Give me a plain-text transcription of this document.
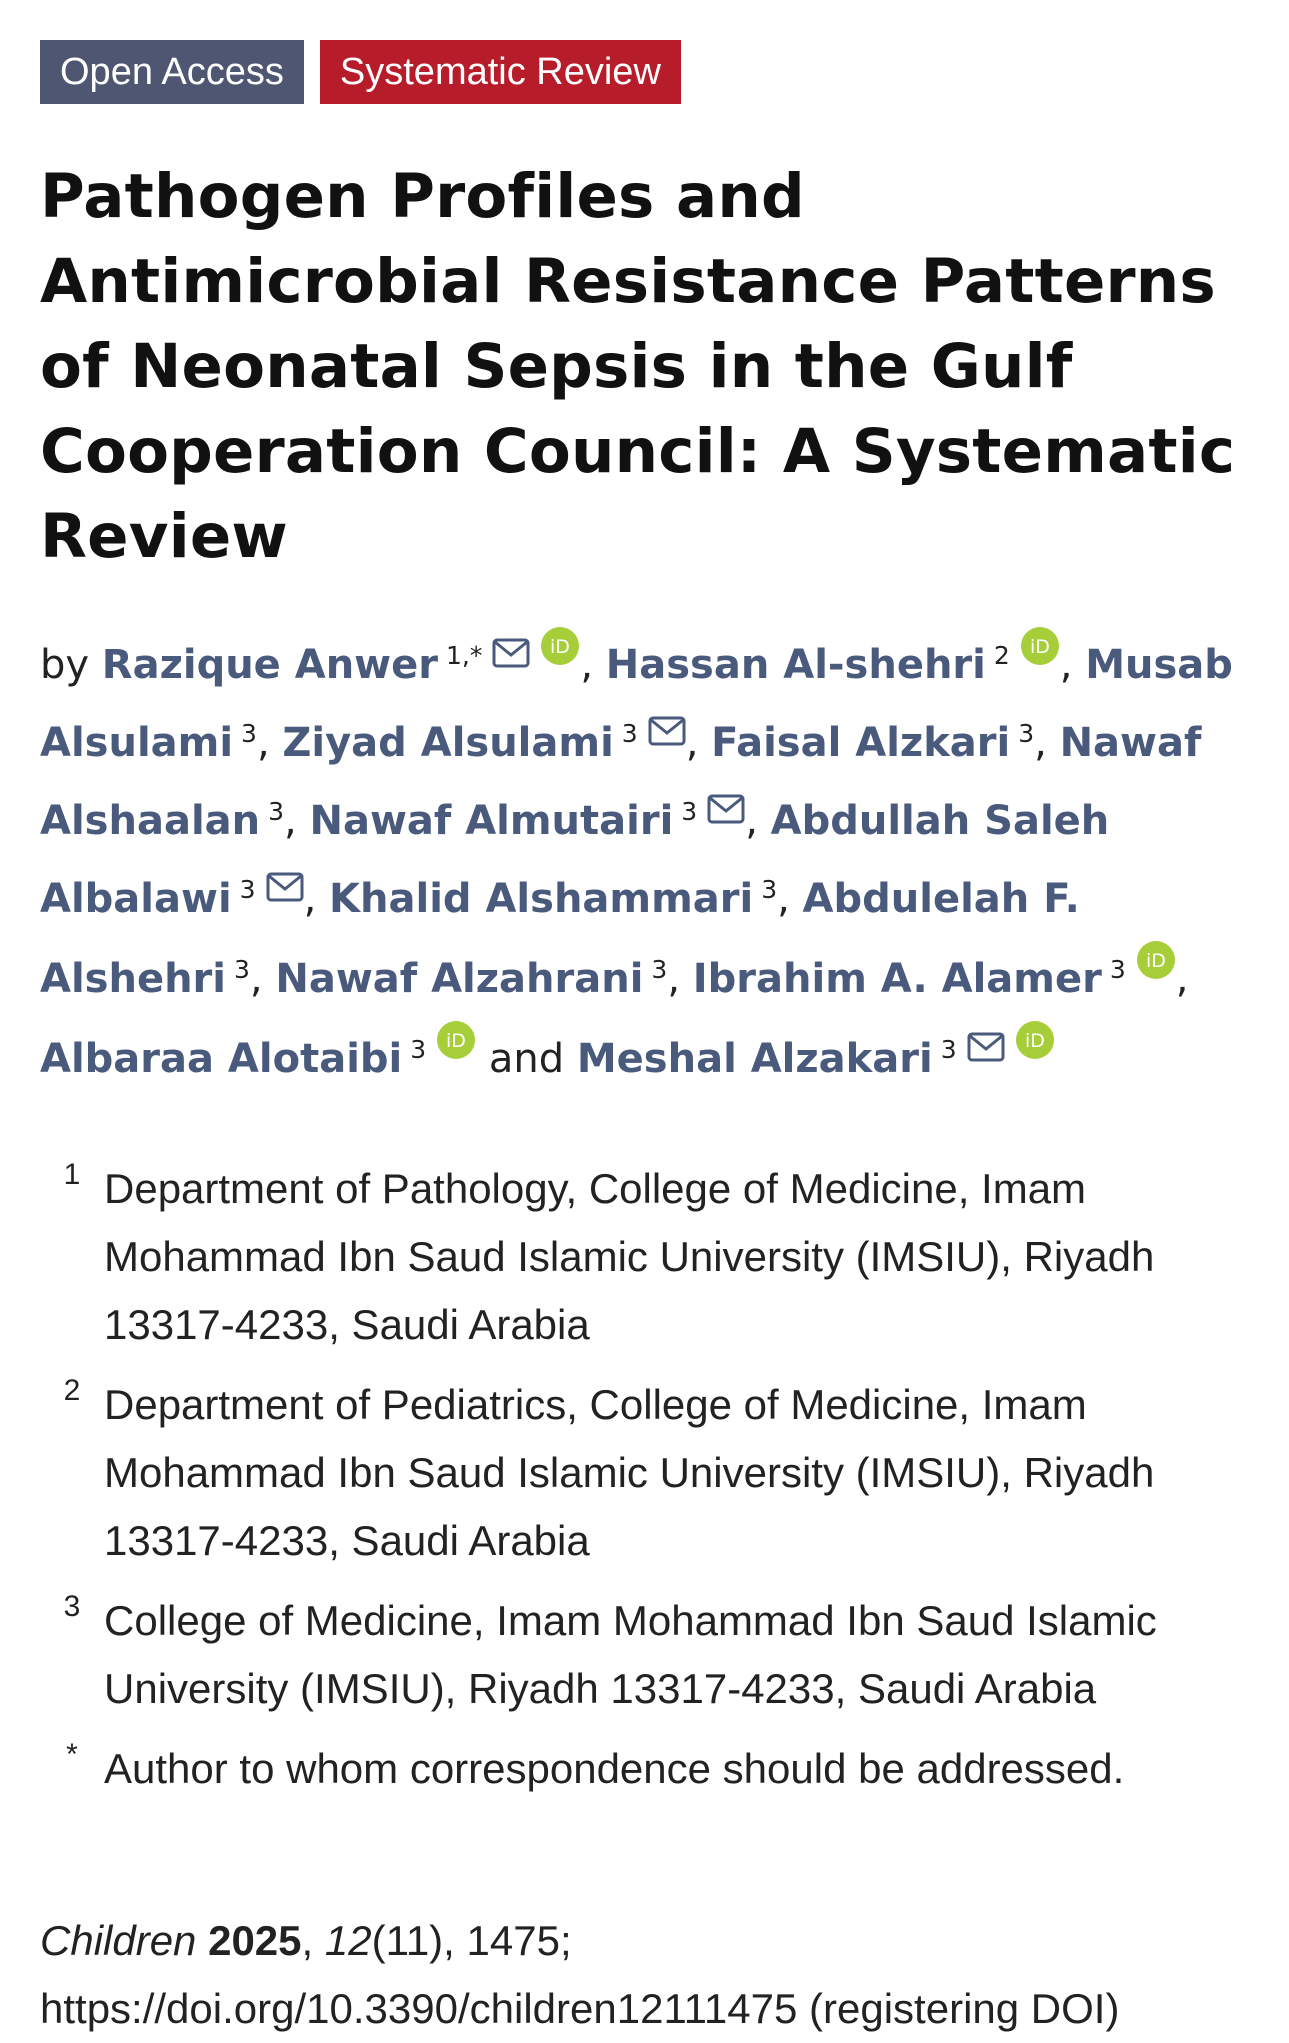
Open Access	Systematic Review
Pathogen Profiles and Antimicrobial Resistance Patterns of Neonatal Sepsis in the Gulf Cooperation Council: A Systematic Review
by Razique Anwer $^{1,*}$	iD , Hassan Al-shehri $^2$ iD , Musab Alsulami $^3$, Ziyad Alsulami $^3$ , Faisal Alzkari $^3$, Nawaf Alshaalan $^3$, Nawaf Almutairi $^3$ , Abdullah Saleh Albalawi $^3$ , Khalid Alshammari $^3$, Abdulelah F. Alshehri $^3$, Nawaf Alzahrani $^3$, Ibrahim A. Alamer $^3$ iD , Albaraa Alotaibi $^3$ iD and Meshal Alzakari $^3$	iD
1 Department of Pathology, College of Medicine, Imam Mohammad Ibn Saud Islamic University (IMSIU), Riyadh 13317-4233, Saudi Arabia
2 Department of Pediatrics, College of Medicine, Imam Mohammad Ibn Saud Islamic University (IMSIU), Riyadh 13317-4233, Saudi Arabia
3 College of Medicine, Imam Mohammad Ibn Saud Islamic University (IMSIU), Riyadh 13317-4233, Saudi Arabia
* Author to whom correspondence should be addressed.
Children 2025, 12(11), 1475;
https://doi.org/10.3390/children12111475 (registering DOI)
